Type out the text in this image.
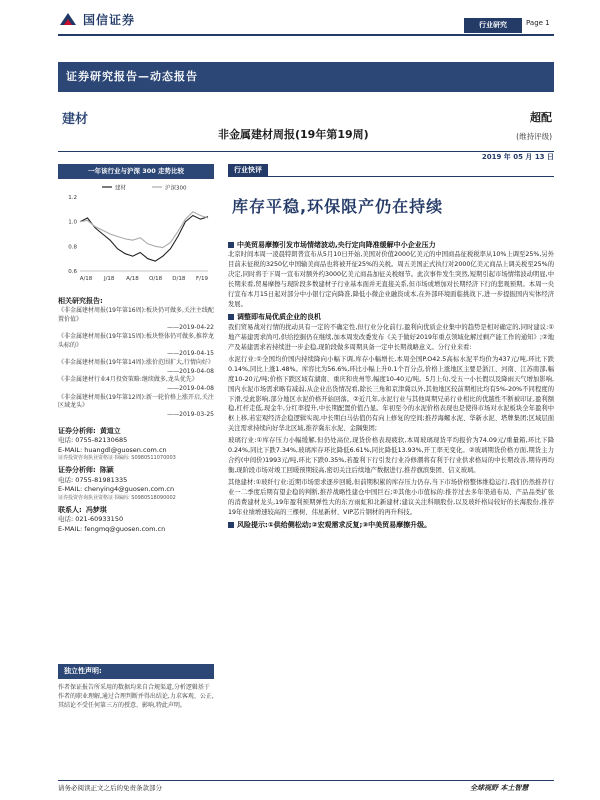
国信证券	行业研究	Page 1
证券研究报告—动态报告
建材
非金属建材周报(19年第19周)
超配
(维持评级)
2019 年 05 月 13 日
一年该行业与沪深 300 走势比较
建材	沪深300
0.6
0.8
1.0
1.2
A/18 J/18 A/18 O/18 D/18 F/19
相关研究报告:
《非金属建材周报(19年第16周):板块仍可做多,关注主线配置价值》
——2019-04-22
《非金属建材周报(19年第15周):板块整体仍可做多,推荐龙头标的》
——2019-04-15
《非金属建材周报(19年第14周):涨价范围扩大,行情向好》
——2019-04-08
《非金属建材行业4月投资策略:继续做多,龙头优先》
——2019-04-08
《非金属建材周报(19年第12周):新一轮价格上涨开启,关注区域龙头》
——2019-03-25
证券分析师: 黄道立
电话: 0755-82130685
E-MAIL: huangdl@guosen.com.cn
证券投资咨询执业资格证书编码: S0980511070003
证券分析师: 陈颖
电话: 0755-81981335
E-MAIL: chenying4@guosen.com.cn
证券投资咨询执业资格证书编码: S0980518090002
联系人: 冯梦琪
电话: 021-60933150
E-MAIL: fengmq@guosen.com.cn
独立性声明:
作者保证报告所采用的数据均来自合规渠道,分析逻辑基于作者的职业理解,通过合理判断并得出结论,力求客观、公正,其结论不受任何第三方的授意、影响,特此声明。
行业快评
库存平稳,环保限产仍在持续
中美贸易摩擦引发市场情绪波动,央行定向降准缓解中小企业压力

北京时间本周一凌晨特朗普宣布从5月10日开始,美国对价值2000亿美元的中国商品征税税率从10%上调至25%,另外目前未征税的3250亿中国输美商品也将被开征25%的关税。周五美国正式执行对2000亿美元商品上调关税至25%的决定,同时将于下周一宣布对额外约3000亿美元商品加征关税细节。此次事件发生突然,短期引起市场情绪波动明显,中长期来看,贸易摩擦与现阶段多数建材子行业基本面并无直接关系,但市场或增加对长期经济下行的悲观预期。本周一央行宣布本月15日起对部分中小银行定向降准,降低小微企业融资成本,在外部环境面临挑战下,进一步提振国内实体经济发展。

调整即布局优质企业的良机

我们贸易战对行情的扰动具有一定的不确定性,但行业分化前行,盈利向优质企业集中的趋势是相对确定的,同时建议:①地产基建需求尚可,供给挖掘仍在继续,加本周发改委发布《关于做好2019年重点领域化解过剩产能工作的通知》;②地产及基建需求若持续进一步企稳,现阶段做多周期具备一定中长期战略意义。分行业来看:

水泥行业:①全国均价国内持续降向小幅下调,库存小幅增长,本周全国P.O42.5高标水泥平均价为437元/吨,环比下跌0.14%,同比上涨1.48%。库容比为56.6%,环比小幅上升0.1个百分点,价格上涨地区主要是浙江、河南、江苏南部,幅度10-20元/吨;价格下跌区域有湖南、重庆和贵州等,幅度10-40元/吨。5月上旬,受五一小长假以及降雨天气增加影响,国内水泥市场需求略有减弱,从企业出货情况看,除长三角和京津冀以外,其他地区较前期相比均有5%-20%不同程度的下滑,受此影响,部分地区水泥价格开始回落。②近几年,水泥行业与其他周期兄弟行业相比的优越性不断被印证,盈利额稳,杠杆走低,现金牛,分红率提升,中长期配置价值凸显。年初至今的水泥价格表现也是使得市场对水泥板块全年盈利中枢上移,若宏观经济企稳逻辑实现,中长期白马估值仍有向上修复的空间;推荐海螺水泥、华新水泥、塔牌集团;区域层面关注需求持续向好华北区域,推荐冀东水泥、金隅集团;

玻璃行业:①库存压力小幅缓解,但仍处高位,现货价格表现疲软,本周玻璃现货平均报价为74.09元/重量箱,环比下降0.24%,同比下跌7.34%,玻璃库存环比降低6.61%,同比降低13.93%,开工率无变化。②玻璃期货价格方面,期货主力合约(中间价)1993元/吨,环比下跌0.35%,若盈利下行引发行业冷修潮将有利于行业供求格局的中长期改善,期待再均衡,现阶段市场对竣工回暖预期较高,密切关注后续地产数据进行,推荐旗滨集团、信义玻璃。

其他建材:①玻纤行业:近期市场需求逐步回暖,但前期积累的库存压力仍存,当下市场价格整体维稳运行,我们仍然推荐行业一二季度后期有望企稳的判断,推荐战略性建仓中国巨石;②其他小市值标的:推荐过去多年渠道布局、产品品类扩张的消费建材龙头,19年盈利预期弹性大的东方雨虹和北新建材;建议关注科顺股份,以及玻纤格局较好的长海股份,推荐19年业绩增速较高的三棵树、伟星新材、VIP芯片钢材的再升科技。

风险提示:①供给侧松动;②宏观需求反复;③中美贸易摩擦升级。
请务必阅读正文之后的免责条款部分	全球视野 本土智慧
